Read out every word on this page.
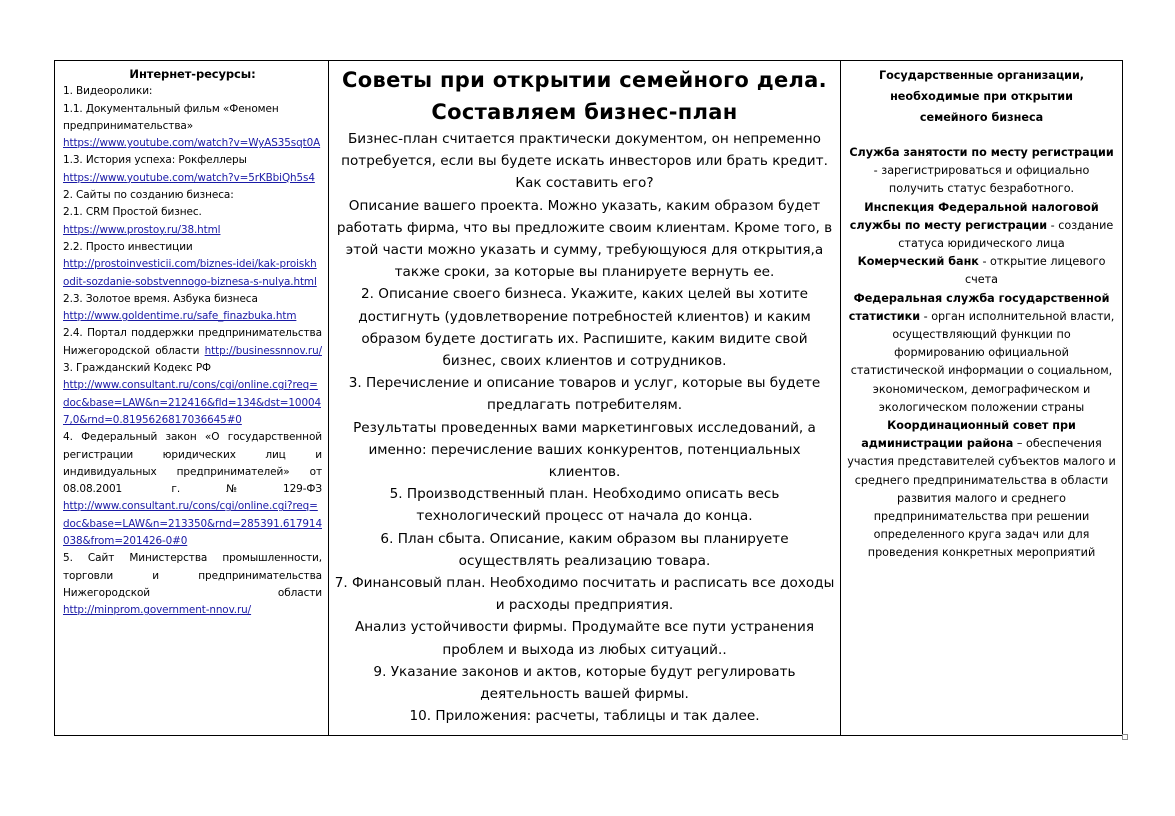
Интернет-ресурсы:
1. Видеоролики:
1.1. Документальный фильм «Феномен предпринимательства»
https://www.youtube.com/watch?v=WyAS35sqt0A
1.3. История успеха: Рокфеллеры
https://www.youtube.com/watch?v=5rKBbiQh5s4
2. Сайты по созданию бизнеса:
2.1. CRM Простой бизнес.
https://www.prostoy.ru/38.html
2.2. Просто инвестиции
http://prostoinvesticii.com/biznes-idei/kak-proiskhodit-sozdanie-sobstvennogo-biznesa-s-nulya.html
2.3. Золотое время. Азбука бизнеса
http://www.goldentime.ru/safe_finazbuka.htm
2.4. Портал поддержки предпринимательства Нижегородской области http://businessnnov.ru/
3. Гражданский Кодекс РФ
http://www.consultant.ru/cons/cgi/online.cgi?req=doc&base=LAW&n=212416&fld=134&dst=100047,0&rnd=0.8195626817036645#0
4. Федеральный закон «О государственной регистрации юридических лиц и индивидуальных предпринимателей» от 08.08.2001 г.№129-ФЗ
http://www.consultant.ru/cons/cgi/online.cgi?req=doc&base=LAW&n=213350&rnd=285391.617914038&from=201426-0#0
5. Сайт Министерства промышленности, торговли и предпринимательства Нижегородской области
http://minprom.government-nnov.ru/
Советы при открытии семейного дела.
Составляем бизнес-план
Бизнес-план считается практически документом, он непременно потребуется, если вы будете искать инвесторов или брать кредит. Как составить его?
Описание вашего проекта. Можно указать, каким образом будет работать фирма, что вы предложите своим клиентам. Кроме того, в этой части можно указать и сумму, требующуюся для открытия,а также сроки, за которые вы планируете вернуть ее.
2. Описание своего бизнеса. Укажите, каких целей вы хотите достигнуть (удовлетворение потребностей клиентов) и каким образом будете достигать их. Распишите, каким видите свой бизнес, своих клиентов и сотрудников.
3. Перечисление и описание товаров и услуг, которые вы будете предлагать потребителям.
Результаты проведенных вами маркетинговых исследований, а именно: перечисление ваших конкурентов, потенциальных клиентов.
5. Производственный план. Необходимо описать весь технологический процесс от начала до конца.
6. План сбыта. Описание, каким образом вы планируете осуществлять реализацию товара.
7. Финансовый план. Необходимо посчитать и расписать все доходы и расходы предприятия.
Анализ устойчивости фирмы. Продумайте все пути устранения проблем и выхода из любых ситуаций..
9. Указание законов и актов, которые будут регулировать деятельность вашей фирмы.
10. Приложения: расчеты, таблицы и так далее.
Государственные организации, необходимые при открытии семейного бизнеса
Служба занятости по месту регистрации - зарегистрироваться и официально получить статус безработного.
Инспекция Федеральной налоговой службы по месту регистрации - создание статуса юридического лица
Комерческий банк - открытие лицевого счета
Федеральная служба государственной статистики - орган исполнительной власти, осуществляющий функции по формированию официальной статистической информации о социальном, экономическом, демографическом и экологическом положении страны
Координационный совет при администрации района – обеспечения участия представителей субъектов малого и среднего предпринимательства в области развития малого и среднего предпринимательства при решении определенного круга задач или для проведения конкретных мероприятий
